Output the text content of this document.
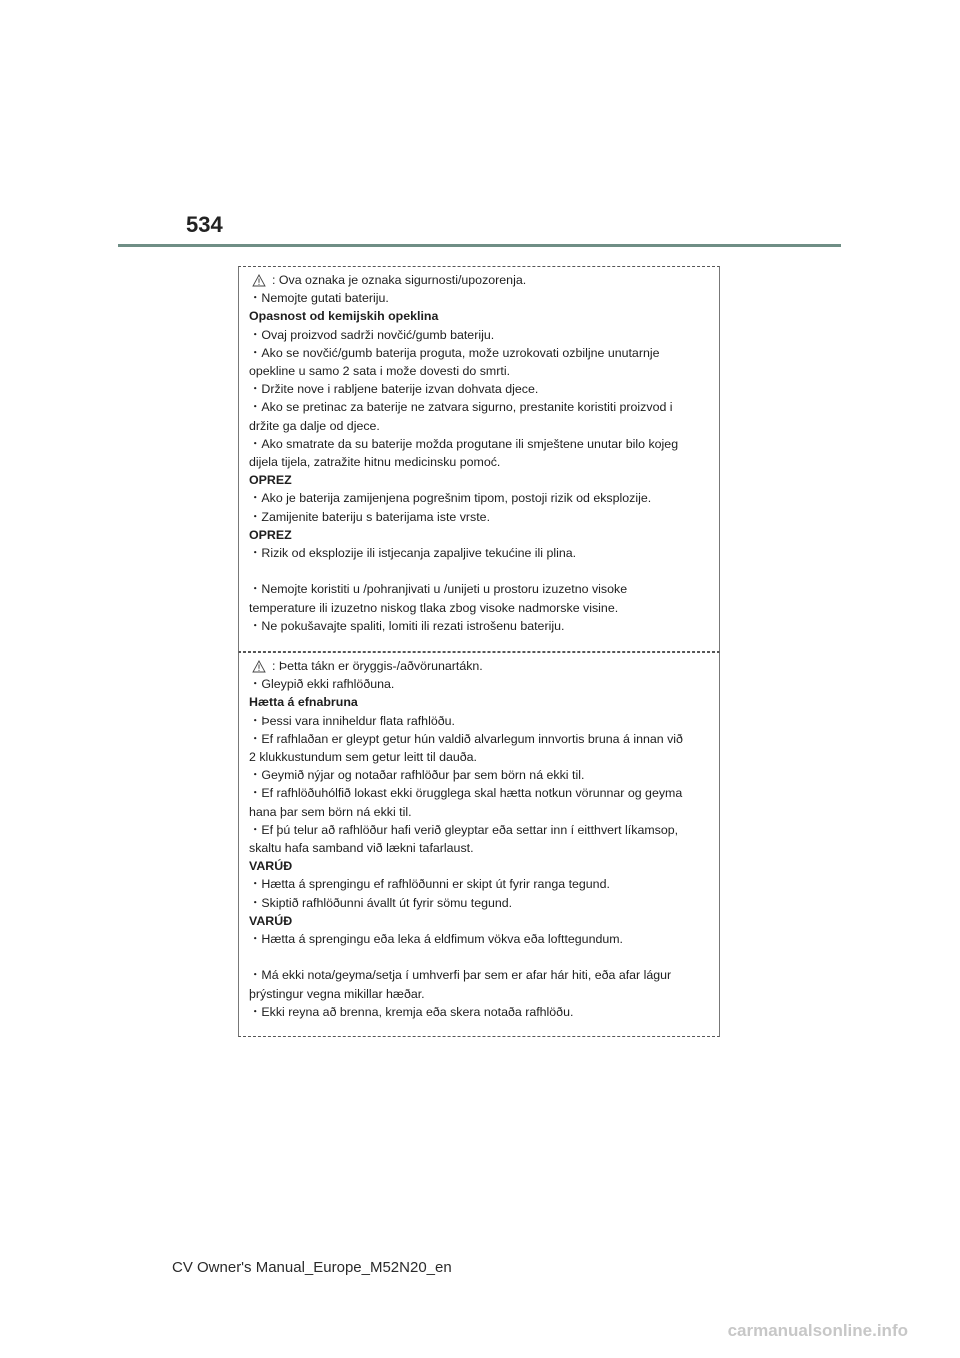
534
: Ova oznaka je oznaka sigurnosti/upozorenja.
・Nemojte gutati bateriju.
Opasnost od kemijskih opeklina
・Ovaj proizvod sadrži novčić/gumb bateriju.
・Ako se novčić/gumb baterija proguta, može uzrokovati ozbiljne unutarnje
opekline u samo 2 sata i može dovesti do smrti.
・Držite nove i rabljene baterije izvan dohvata djece.
・Ako se pretinac za baterije ne zatvara sigurno, prestanite koristiti proizvod i
držite ga dalje od djece.
・Ako smatrate da su baterije možda progutane ili smještene unutar bilo kojeg
dijela tijela, zatražite hitnu medicinsku pomoć.
OPREZ
・Ako je baterija zamijenjena pogrešnim tipom, postoji rizik od eksplozije.
・Zamijenite bateriju s baterijama iste vrste.
OPREZ
・Rizik od eksplozije ili istjecanja zapaljive tekućine ili plina.
・Nemojte koristiti u /pohranjivati u /unijeti u prostoru izuzetno visoke
temperature ili izuzetno niskog tlaka zbog visoke nadmorske visine.
・Ne pokušavajte spaliti, lomiti ili rezati istrošenu bateriju.
: Þetta tákn er öryggis-/aðvörunartákn.
・Gleypið ekki rafhlöðuna.
Hætta á efnabruna
・Þessi vara inniheldur flata rafhlöðu.
・Ef rafhlaðan er gleypt getur hún valdið alvarlegum innvortis bruna á innan við
2 klukkustundum sem getur leitt til dauða.
・Geymið nýjar og notaðar rafhlöður þar sem börn ná ekki til.
・Ef rafhlöðuhólfið lokast ekki örugglega skal hætta notkun vörunnar og geyma
hana þar sem börn ná ekki til.
・Ef þú telur að rafhlöður hafi verið gleyptar eða settar inn í eitthvert líkamsop,
skaltu hafa samband við lækni tafarlaust.
VARÚÐ
・Hætta á sprengingu ef rafhlöðunni er skipt út fyrir ranga tegund.
・Skiptið rafhlöðunni ávallt út fyrir sömu tegund.
VARÚÐ
・Hætta á sprengingu eða leka á eldfimum vökva eða lofttegundum.
・Má ekki nota/geyma/setja í umhverfi þar sem er afar hár hiti, eða afar lágur
þrýstingur vegna mikillar hæðar.
・Ekki reyna að brenna, kremja eða skera notaða rafhlöðu.
CV Owner's Manual_Europe_M52N20_en
carmanualsonline.info
